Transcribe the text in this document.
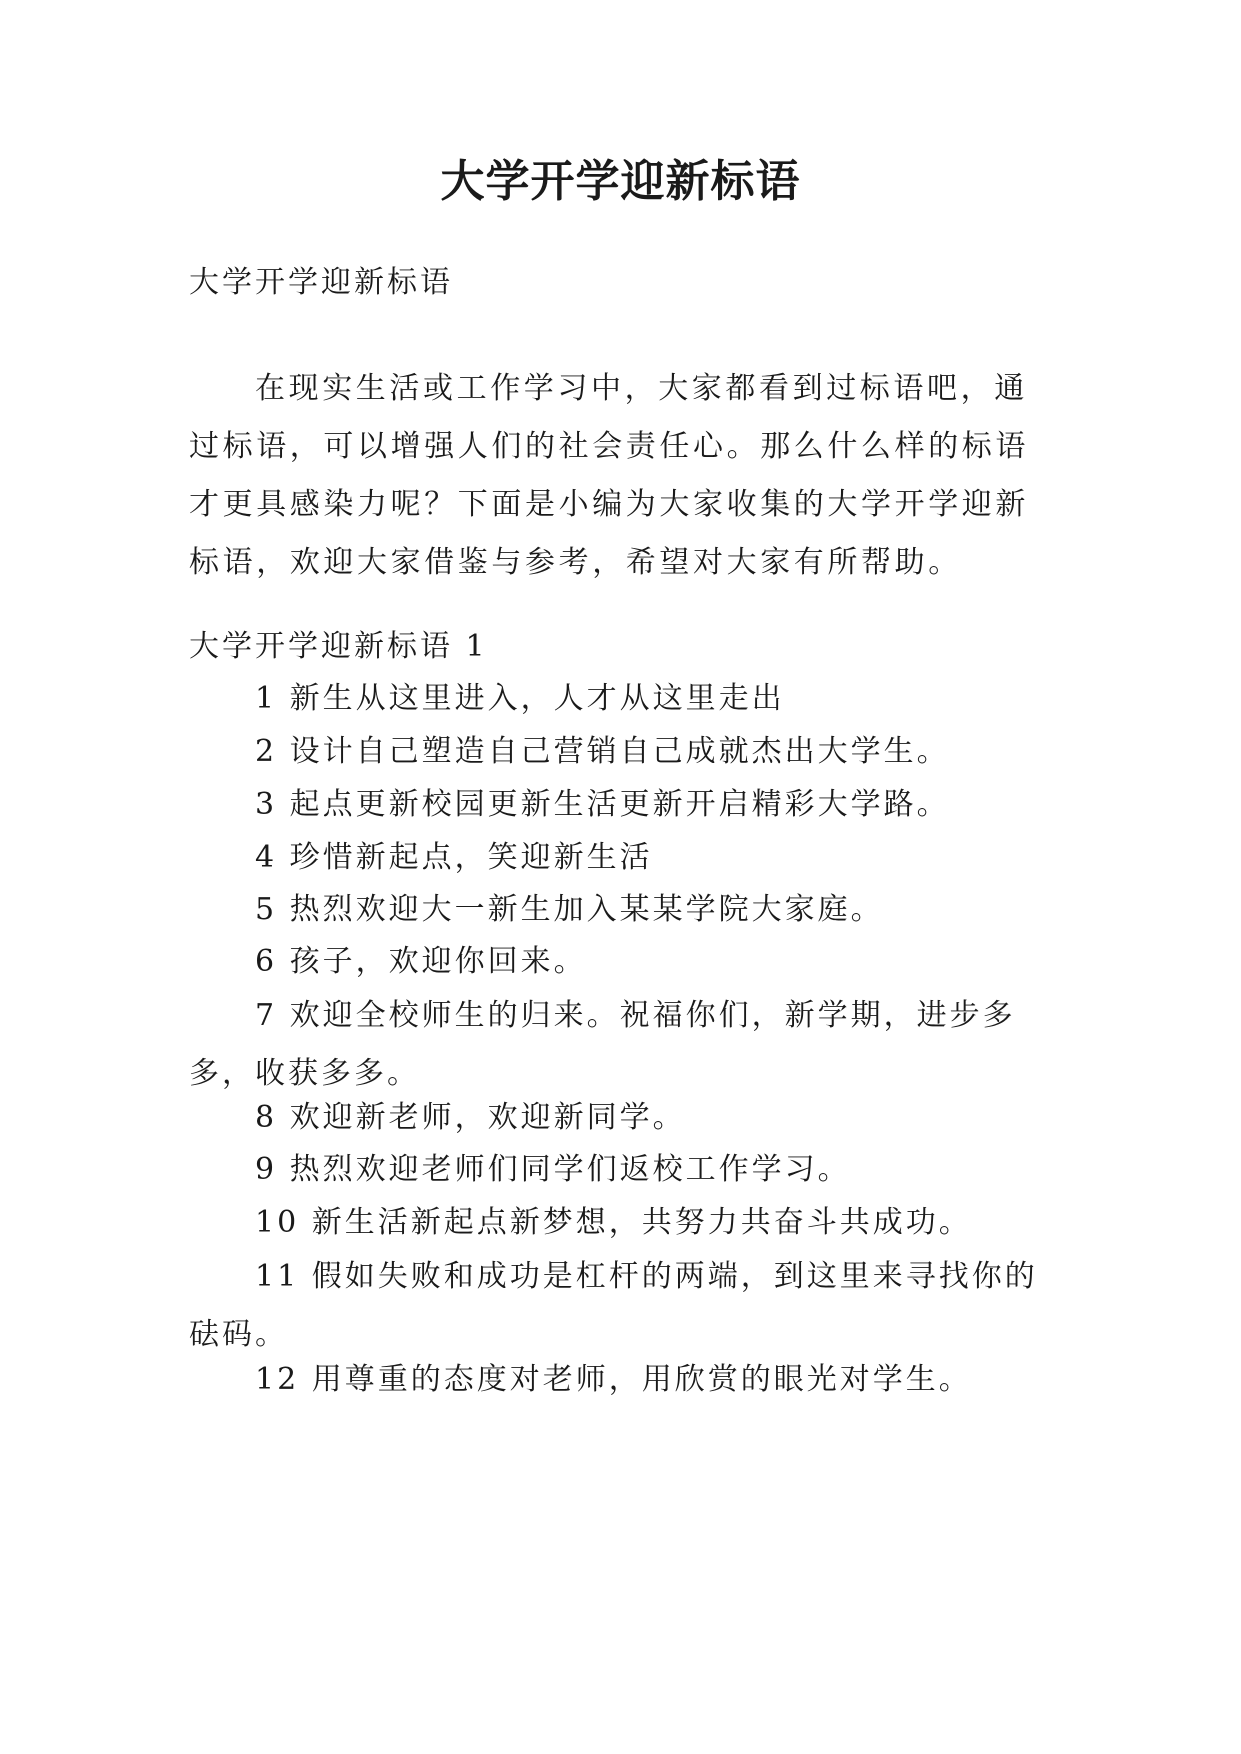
大学开学迎新标语
大学开学迎新标语

在现实生活或工作学习中，大家都看到过标语吧，通过标语，可以增强人们的社会责任心。那么什么样的标语才更具感染力呢？下面是小编为大家收集的大学开学迎新标语，欢迎大家借鉴与参考，希望对大家有所帮助。

大学开学迎新标语 1
1 新生从这里进入，人才从这里走出
2 设计自己塑造自己营销自己成就杰出大学生。
3 起点更新校园更新生活更新开启精彩大学路。
4 珍惜新起点，笑迎新生活
5 热烈欢迎大一新生加入某某学院大家庭。
6 孩子，欢迎你回来。
7 欢迎全校师生的归来。祝福你们，新学期，进步多多，收获多多。
8 欢迎新老师，欢迎新同学。
9 热烈欢迎老师们同学们返校工作学习。
10 新生活新起点新梦想，共努力共奋斗共成功。
11 假如失败和成功是杠杆的两端，到这里来寻找你的砝码。
12 用尊重的态度对老师，用欣赏的眼光对学生。
